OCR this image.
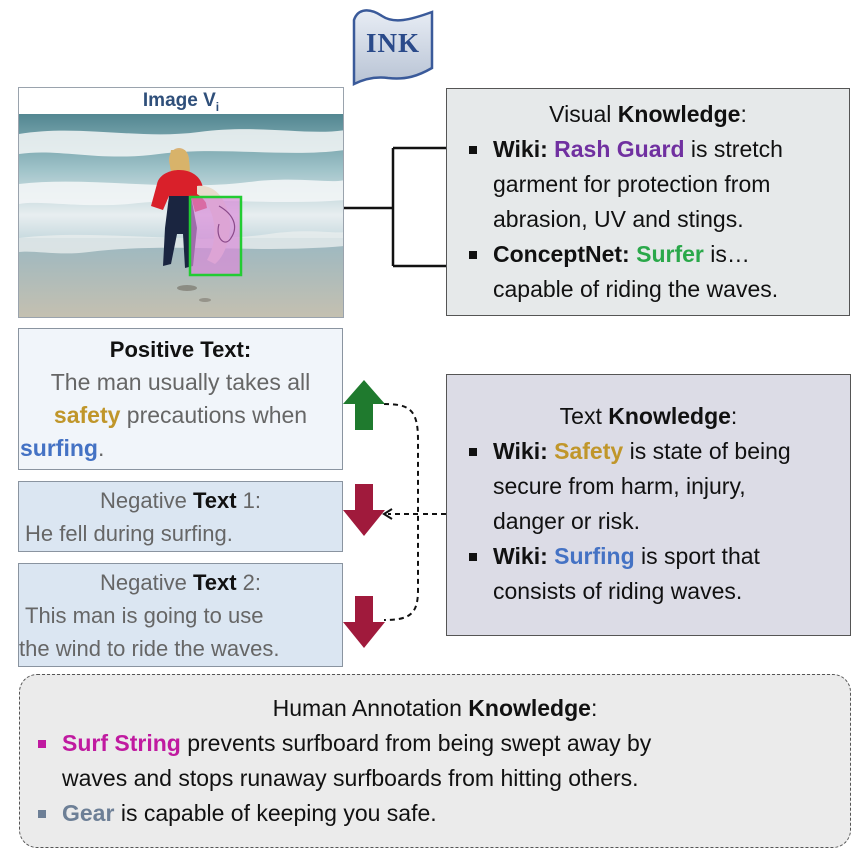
INK
Image $V_i$	Visual Knowledge:
Wiki: Rash Guard is stretch
garment for protection from
abrasion, UV and stings.
ConceptNet: Surfer is…
capable of riding the waves.
Positive Text:
The man usually takes all
safety precautions when
surfing.
Negative Text 1:
He fell during surfing.
Negative Text 2:
This man is going to use
the wind to ride the waves.
Text Knowledge:
Wiki: Safety is state of being
secure from harm, injury,
danger or risk.
Wiki: Surfing is sport that
consists of riding waves.
Human Annotation Knowledge:
Surf String prevents surfboard from being swept away by
waves and stops runaway surfboards from hitting others.
Gear is capable of keeping you safe.
